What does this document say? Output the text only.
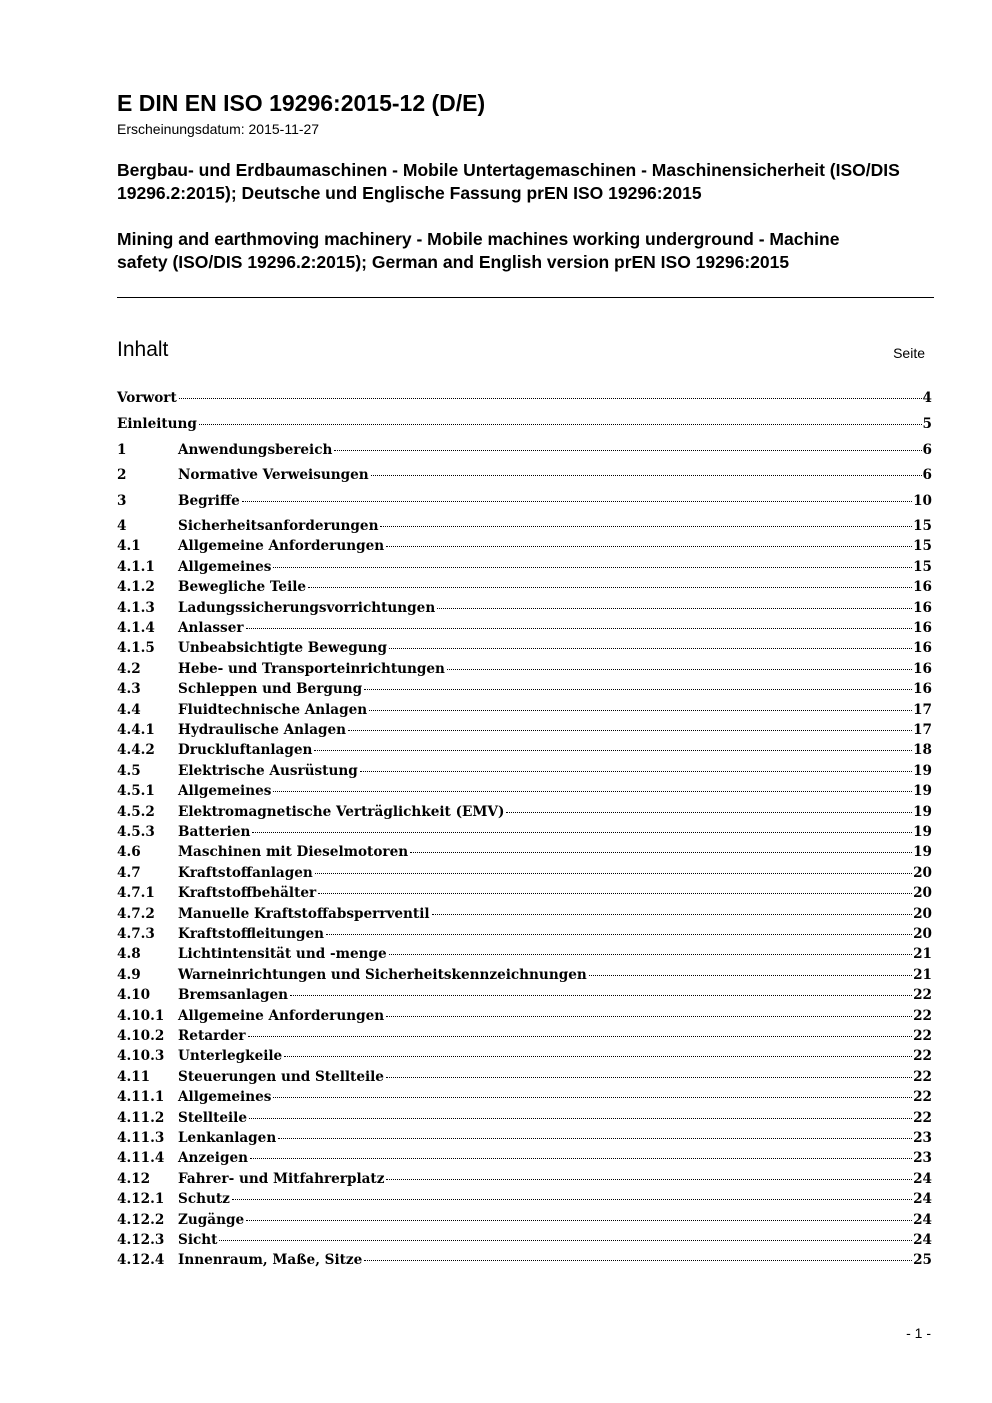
E DIN EN ISO 19296:2015-12 (D/E)
Erscheinungsdatum: 2015-11-27
Bergbau- und Erdbaumaschinen - Mobile Untertagemaschinen - Maschinensicherheit (ISO/DIS 19296.2:2015); Deutsche und Englische Fassung prEN ISO 19296:2015
Mining and earthmoving machinery - Mobile machines working underground - Machine safety (ISO/DIS 19296.2:2015); German and English version prEN ISO 19296:2015
Inhalt	Seite
Vorwort	4
Einleitung	5
1	Anwendungsbereich	6
2	Normative Verweisungen	6
3	Begriffe	10
4	Sicherheitsanforderungen	15
4.1	Allgemeine Anforderungen	15
4.1.1	Allgemeines	15
4.1.2	Bewegliche Teile	16
4.1.3	Ladungssicherungsvorrichtungen	16
4.1.4	Anlasser	16
4.1.5	Unbeabsichtigte Bewegung	16
4.2	Hebe- und Transporteinrichtungen	16
4.3	Schleppen und Bergung	16
4.4	Fluidtechnische Anlagen	17
4.4.1	Hydraulische Anlagen	17
4.4.2	Druckluftanlagen	18
4.5	Elektrische Ausrüstung	19
4.5.1	Allgemeines	19
4.5.2	Elektromagnetische Verträglichkeit (EMV)	19
4.5.3	Batterien	19
4.6	Maschinen mit Dieselmotoren	19
4.7	Kraftstoffanlagen	20
4.7.1	Kraftstoffbehälter	20
4.7.2	Manuelle Kraftstoffabsperrventil	20
4.7.3	Kraftstoffleitungen	20
4.8	Lichtintensität und -menge	21
4.9	Warneinrichtungen und Sicherheitskennzeichnungen	21
4.10	Bremsanlagen	22
4.10.1	Allgemeine Anforderungen	22
4.10.2	Retarder	22
4.10.3	Unterlegkeile	22
4.11	Steuerungen und Stellteile	22
4.11.1	Allgemeines	22
4.11.2	Stellteile	22
4.11.3	Lenkanlagen	23
4.11.4	Anzeigen	23
4.12	Fahrer- und Mitfahrerplatz	24
4.12.1	Schutz	24
4.12.2	Zugänge	24
4.12.3	Sicht	24
4.12.4	Innenraum, Maße, Sitze	25
- 1 -
